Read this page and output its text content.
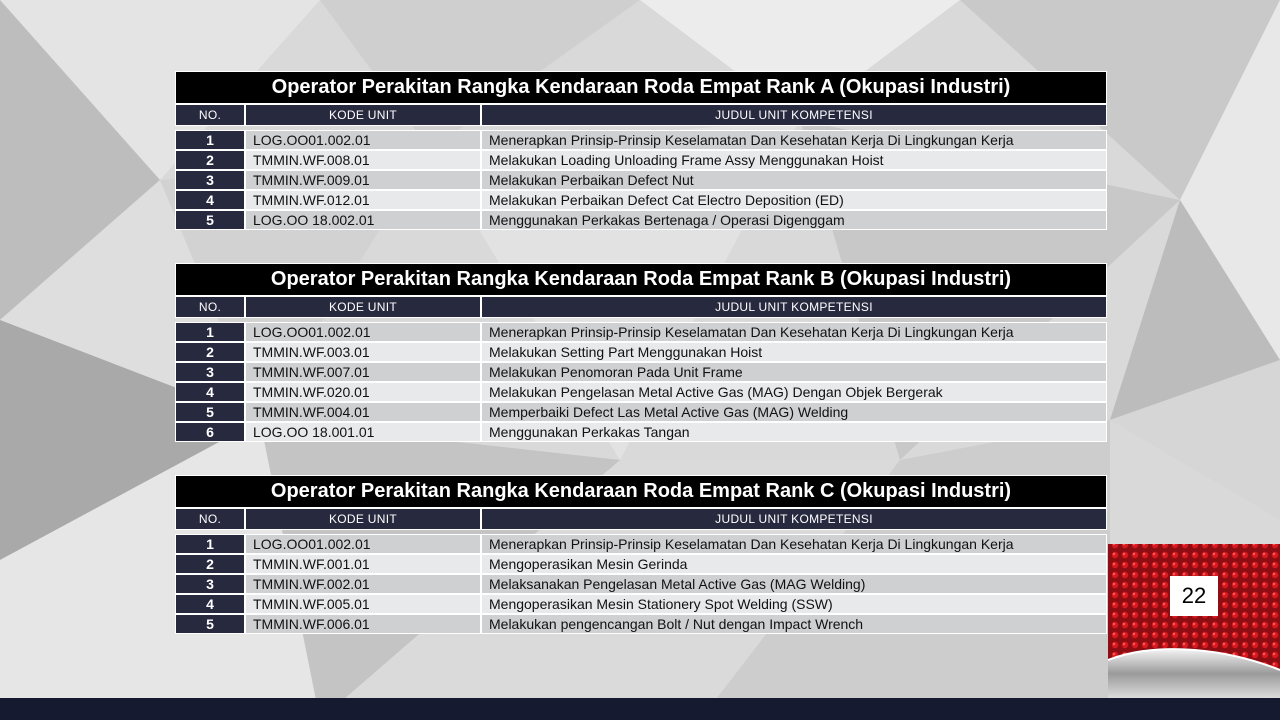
Operator Perakitan Rangka Kendaraan Roda Empat Rank A (Okupasi Industri)
NO.	KODE UNIT	JUDUL UNIT KOMPETENSI
1	LOG.OO01.002.01	Menerapkan Prinsip-Prinsip Keselamatan Dan Kesehatan Kerja Di Lingkungan Kerja
2	TMMIN.WF.008.01	Melakukan Loading Unloading Frame Assy Menggunakan Hoist
3	TMMIN.WF.009.01	Melakukan Perbaikan Defect Nut
4	TMMIN.WF.012.01	Melakukan Perbaikan Defect Cat Electro Deposition (ED)
5	LOG.OO 18.002.01	Menggunakan Perkakas Bertenaga / Operasi Digenggam
Operator Perakitan Rangka Kendaraan Roda Empat Rank B (Okupasi Industri)
NO.	KODE UNIT	JUDUL UNIT KOMPETENSI
1	LOG.OO01.002.01	Menerapkan Prinsip-Prinsip Keselamatan Dan Kesehatan Kerja Di Lingkungan Kerja
2	TMMIN.WF.003.01	Melakukan Setting Part Menggunakan Hoist
3	TMMIN.WF.007.01	Melakukan Penomoran Pada Unit Frame
4	TMMIN.WF.020.01	Melakukan Pengelasan Metal Active Gas (MAG) Dengan Objek Bergerak
5	TMMIN.WF.004.01	Memperbaiki Defect Las Metal Active Gas (MAG) Welding
6	LOG.OO 18.001.01	Menggunakan Perkakas Tangan
Operator Perakitan Rangka Kendaraan Roda Empat Rank C (Okupasi Industri)
NO.	KODE UNIT	JUDUL UNIT KOMPETENSI
1	LOG.OO01.002.01	Menerapkan Prinsip-Prinsip Keselamatan Dan Kesehatan Kerja Di Lingkungan Kerja
2	TMMIN.WF.001.01	Mengoperasikan Mesin Gerinda
3	TMMIN.WF.002.01	Melaksanakan Pengelasan Metal Active Gas (MAG Welding)
4	TMMIN.WF.005.01	Mengoperasikan Mesin Stationery Spot Welding (SSW)
5	TMMIN.WF.006.01	Melakukan pengencangan Bolt / Nut dengan Impact Wrench
22
